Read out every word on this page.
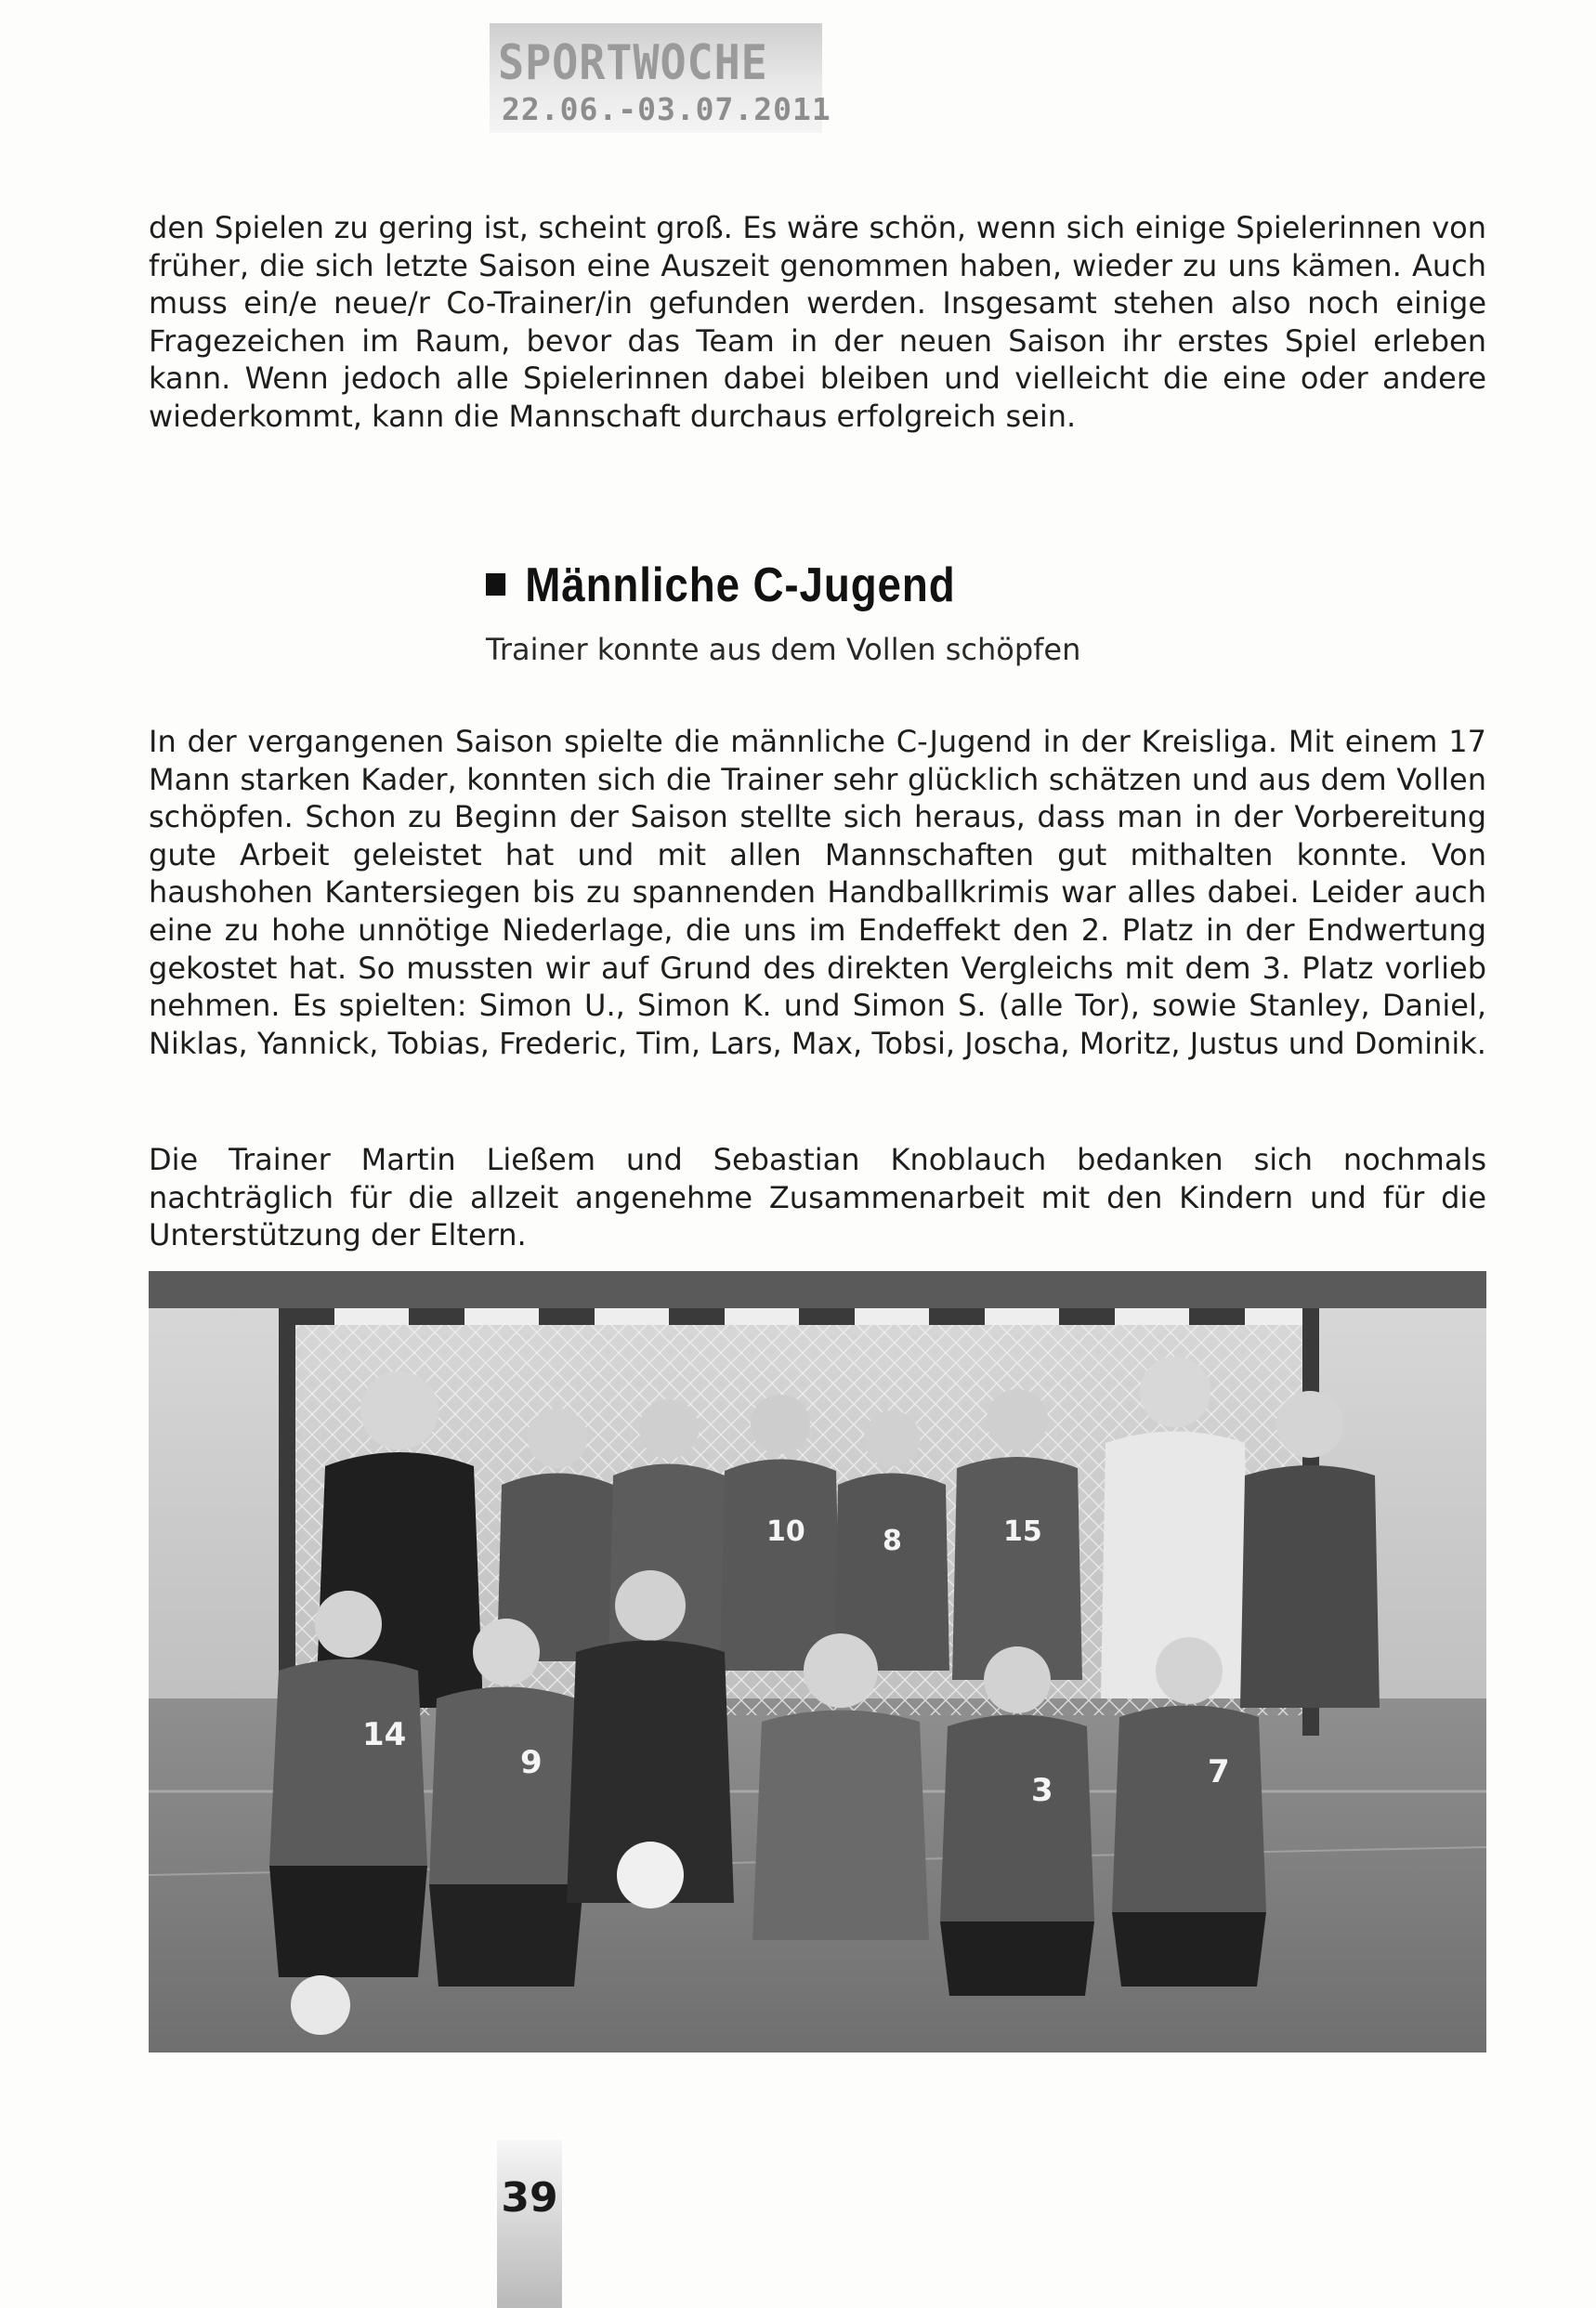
SPORTWOCHE
22.06.-03.07.2011

den Spielen zu gering ist, scheint groß. Es wäre schön, wenn sich einige Spielerinnen von früher, die sich letzte Saison eine Auszeit genommen haben, wieder zu uns kämen. Auch muss ein/e neue/r Co-Trainer/in gefunden werden. Insgesamt stehen also noch einige Fragezeichen im Raum, bevor das Team in der neuen Saison ihr erstes Spiel erleben kann. Wenn jedoch alle Spielerinnen dabei bleiben und vielleicht die eine oder andere wiederkommt, kann die Mannschaft durchaus erfolgreich sein.

Männliche C-Jugend
Trainer konnte aus dem Vollen schöpfen

In der vergangenen Saison spielte die männliche C-Jugend in der Kreisliga. Mit einem 17 Mann starken Kader, konnten sich die Trainer sehr glücklich schätzen und aus dem Vollen schöpfen. Schon zu Beginn der Saison stellte sich heraus, dass man in der Vorbereitung gute Arbeit geleistet hat und mit allen Mannschaften gut mithalten konnte. Von haushohen Kantersiegen bis zu spannenden Handballkrimis war alles dabei. Leider auch eine zu hohe unnötige Niederlage, die uns im Endeffekt den 2. Platz in der Endwertung gekostet hat. So mussten wir auf Grund des direkten Vergleichs mit dem 3. Platz vorlieb nehmen. Es spielten: Simon U., Simon K. und Simon S. (alle Tor), sowie Stanley, Daniel, Niklas, Yannick, Tobias, Frederic, Tim, Lars, Max, Tobsi, Joscha, Moritz, Justus und Dominik.

Die Trainer Martin Ließem und Sebastian Knoblauch bedanken sich nochmals nachträglich für die allzeit angenehme Zusammenarbeit mit den Kindern und für die Unterstützung der Eltern.

10	8	15
14
9
3	7
39
